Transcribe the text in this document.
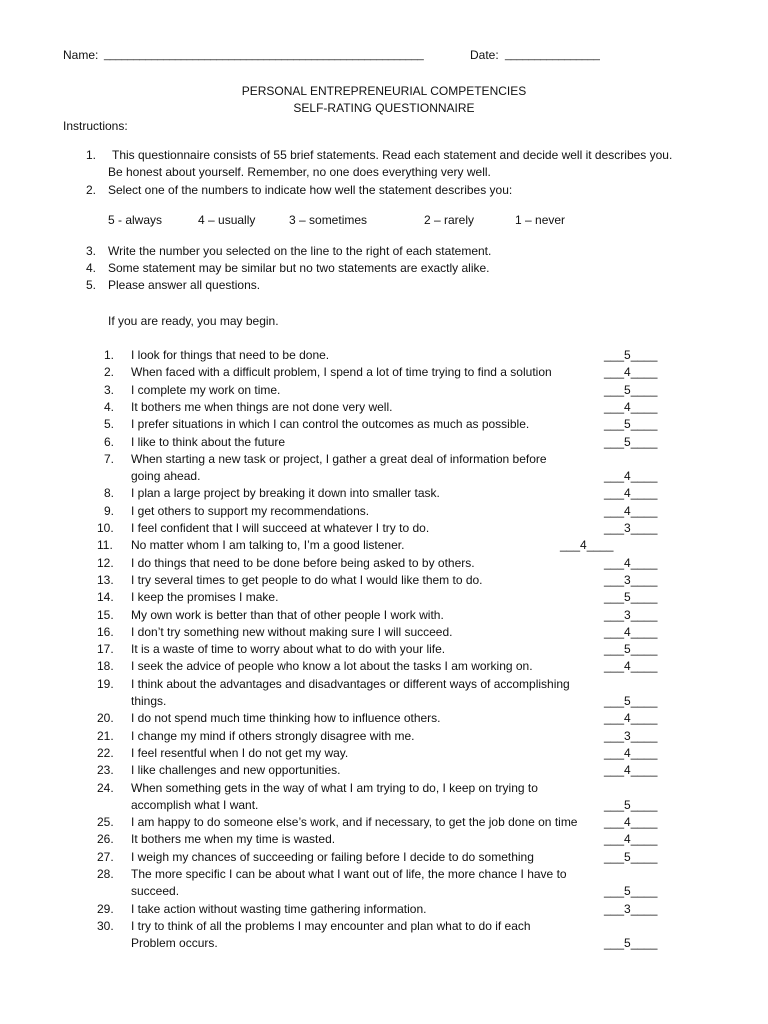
Name: ______________________________________________________	Date: ________________
PERSONAL ENTREPRENEURIAL COMPETENCIES
SELF-RATING QUESTIONNAIRE
Instructions:
1. This questionnaire consists of 55 brief statements. Read each statement and decide well it describes you.
Be honest about yourself. Remember, no one does everything very well.
2. Select one of the numbers to indicate how well the statement describes you:
5 - always	4 – usually	3 – sometimes	2 – rarely	1 – never
3. Write the number you selected on the line to the right of each statement.
4. Some statement may be similar but no two statements are exactly alike.
5. Please answer all questions.
If you are ready, you may begin.
1. I look for things that need to be done.	___5____
2. When faced with a difficult problem, I spend a lot of time trying to find a solution	___4____
3. I complete my work on time.	___5____
4. It bothers me when things are not done very well.	___4____
5. I prefer situations in which I can control the outcomes as much as possible.	___5____
6. I like to think about the future	___5____
7. When starting a new task or project, I gather a great deal of information before
going ahead.	___4____
8. I plan a large project by breaking it down into smaller task.	___4____
9. I get others to support my recommendations.	___4____
10. I feel confident that I will succeed at whatever I try to do.	___3____
11. No matter whom I am talking to, I’m a good listener.	___4____
12. I do things that need to be done before being asked to by others.	___4____
13. I try several times to get people to do what I would like them to do.	___3____
14. I keep the promises I make.	___5____
15. My own work is better than that of other people I work with.	___3____
16. I don’t try something new without making sure I will succeed.	___4____
17. It is a waste of time to worry about what to do with your life.	___5____
18. I seek the advice of people who know a lot about the tasks I am working on.	___4____
19. I think about the advantages and disadvantages or different ways of accomplishing
things.	___5____
20. I do not spend much time thinking how to influence others.	___4____
21. I change my mind if others strongly disagree with me.	___3____
22. I feel resentful when I do not get my way.	___4____
23. I like challenges and new opportunities.	___4____
24. When something gets in the way of what I am trying to do, I keep on trying to
accomplish what I want.	___5____
25. I am happy to do someone else’s work, and if necessary, to get the job done on time ___4____
26. It bothers me when my time is wasted.	___4____
27. I weigh my chances of succeeding or failing before I decide to do something	___5____
28. The more specific I can be about what I want out of life, the more chance I have to
succeed.	___5____
29. I take action without wasting time gathering information.	___3____
30. I try to think of all the problems I may encounter and plan what to do if each
Problem occurs.	___5____
